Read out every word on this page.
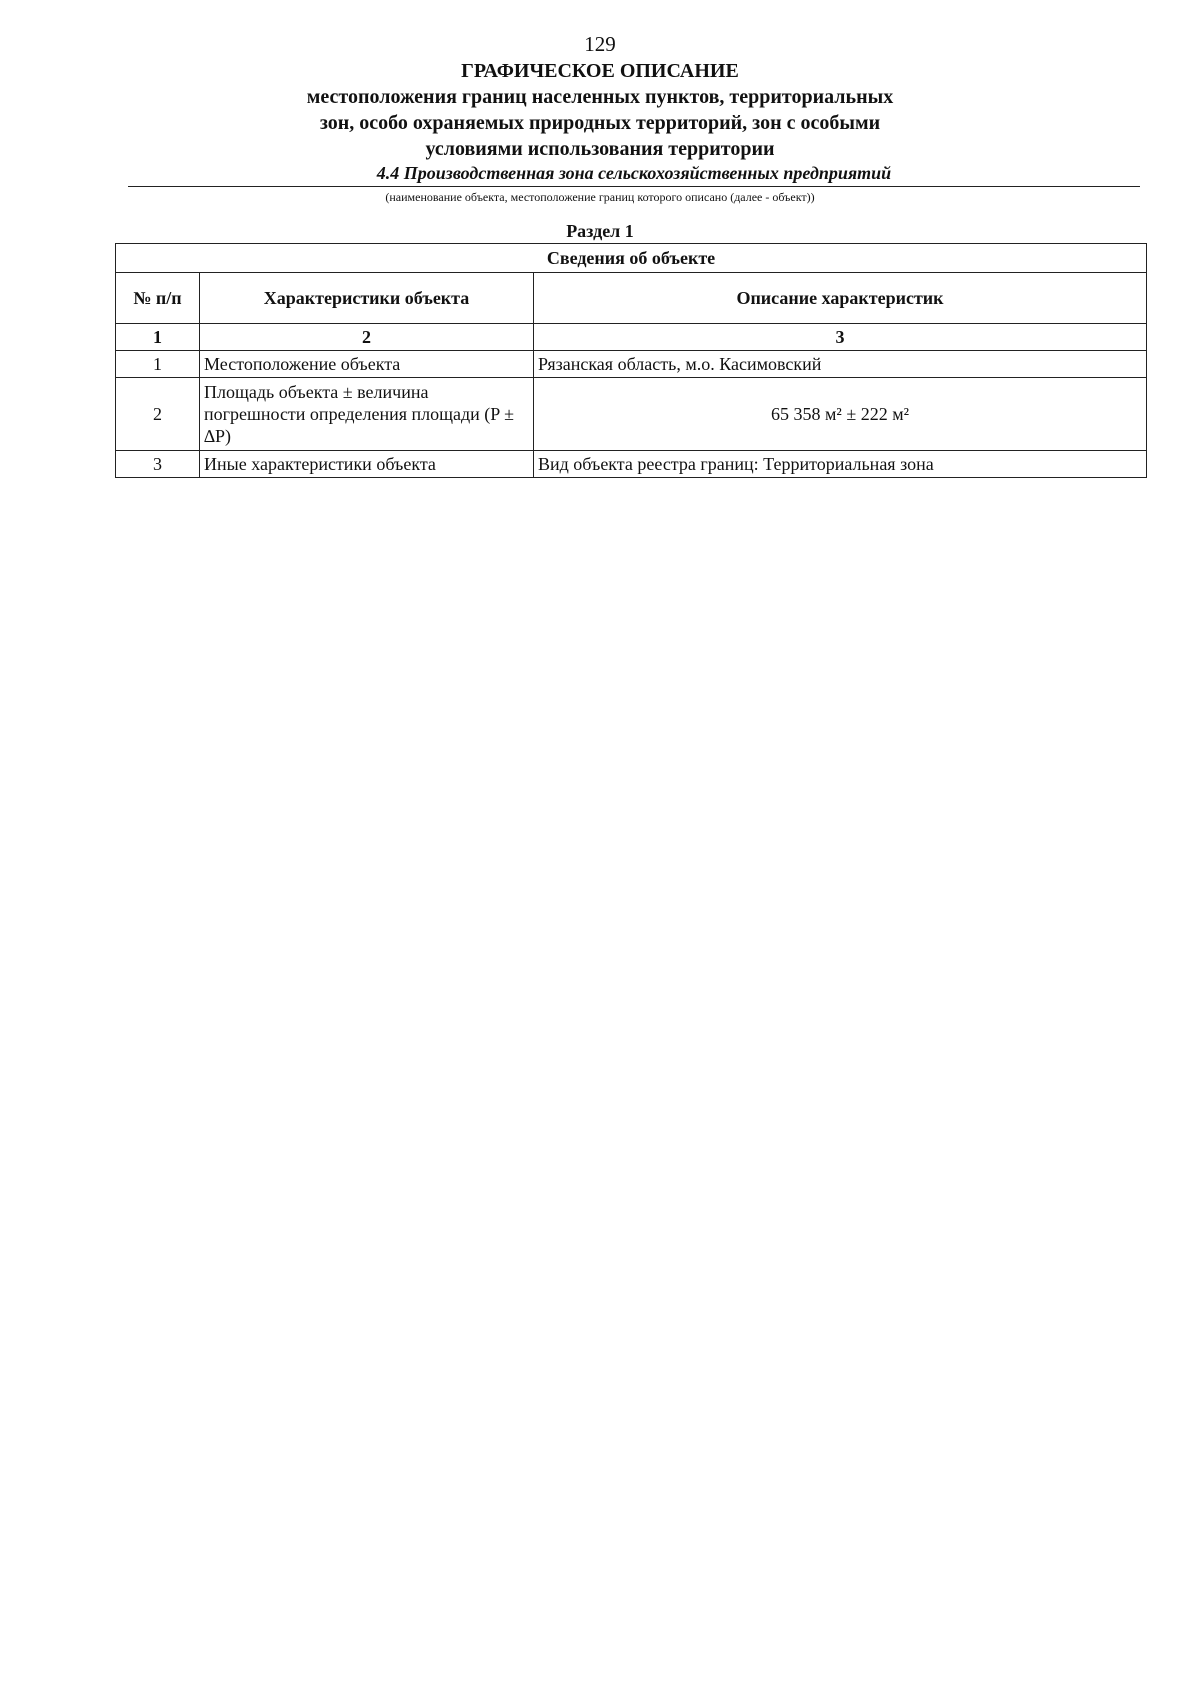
129
ГРАФИЧЕСКОЕ ОПИСАНИЕ
местоположения границ населенных пунктов, территориальных
зон, особо охраняемых природных территорий, зон с особыми
условиями использования территории
4.4 Производственная зона сельскохозяйственных предприятий
(наименование объекта, местоположение границ которого описано (далее - объект))
Раздел 1
Сведения об объекте		
№ п/п	Характеристики объекта	Описание характеристик
1	2	3
1	Местоположение объекта	Рязанская область, м.о. Касимовский
2	Площадь объекта ± величина погрешности определения площади (P ± ∆P)	65 358 м² ± 222 м²
3	Иные характеристики объекта	Вид объекта реестра границ: Территориальная зона
